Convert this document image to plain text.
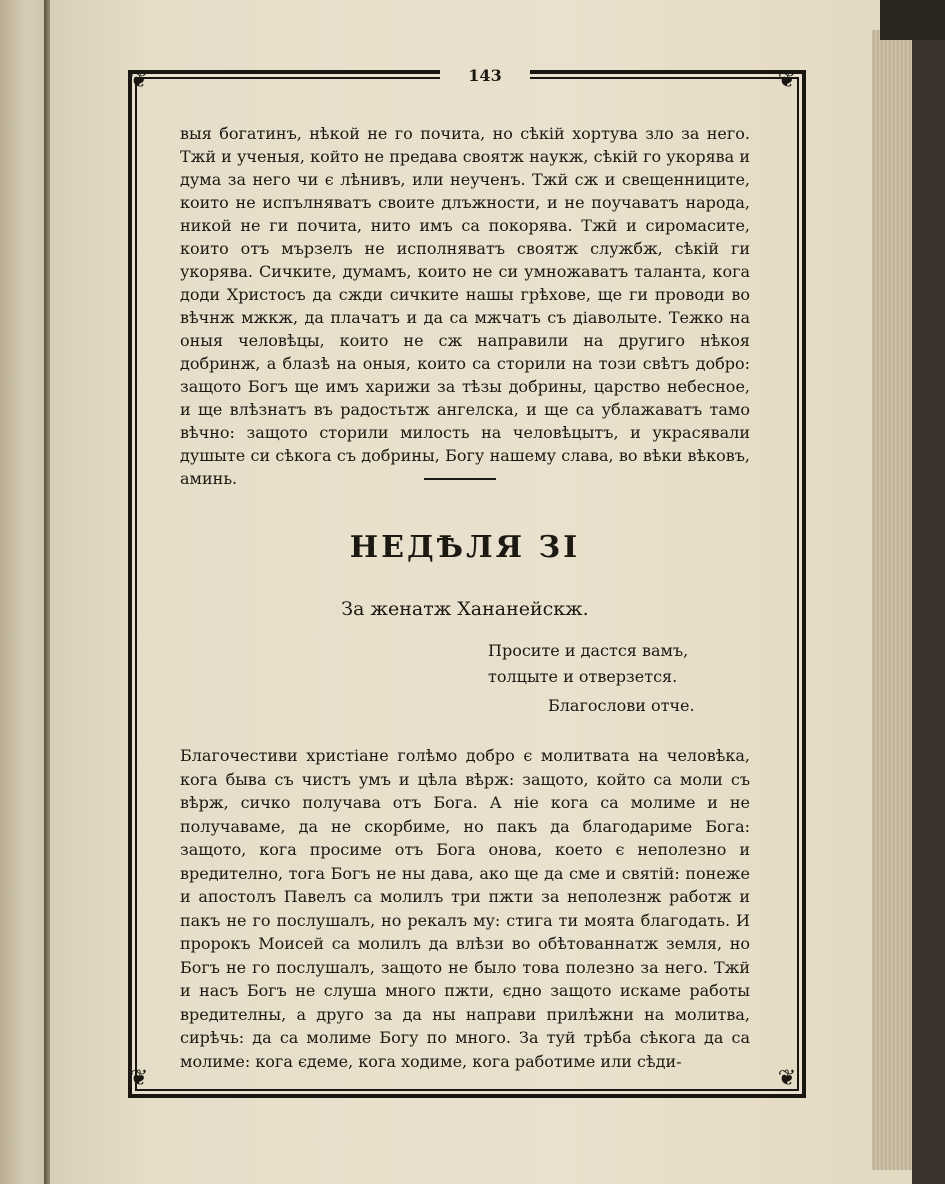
❦	❦
❦	❦
143
выя богатинъ, нѣкой не го почита, но сѣкій хортува зло за него. Тжй и ученыя, който не предава своятж наукж, сѣкій го укорява и дума за него чи є лѣнивъ, или неученъ. Тжй сж и свещенниците, които не испълняватъ своите длъжности, и не поучаватъ народа, никой не ги почита, нито имъ са покорява. Тжй и сиромасите, които отъ мързелъ не исполняватъ своятж службж, сѣкій ги укорява. Сичките, думамъ, които не си умножаватъ таланта, кога доди Христосъ да сжди сичките нашы грѣхове, ще ги проводи во вѣчнж мжкж, да плачатъ и да са мжчатъ съ діаволыте. Тежко на оныя человѣцы, които не сж направили на другиго нѣкоя добринж, а блазѣ на оныя, които са сторили на този свѣтъ добро: защото Богъ ще имъ харижи за тѣзы добрины, царство небесное, и ще влѣзнатъ въ радостьтж ангелска, и ще са ублажаватъ тамо вѣчно: защото сторили милость на человѣцытъ, и украсявали душыте си сѣкога съ добрины, Богу нашему слава, во вѣки вѣковъ, аминь.
НЕДѢЛЯ ЗІ
За женатж Хананейскж.
Просите и дастся вамъ, толцыте и отверзется.
Благослови отче.
Благочестиви христіане голѣмо добро є молитвата на человѣка, кога быва съ чистъ умъ и цѣла вѣрж: защото, който са моли съ вѣрж, сичко получава отъ Бога. А ніе кога са молиме и не получаваме, да не скорбиме, но пакъ да благодариме Бога: защото, кога просиме отъ Бога онова, което є неполезно и вредително, тога Богъ не ны дава, ако ще да сме и святій: понеже и апостолъ Павелъ са молилъ три пжти за неполезнж работж и пакъ не го послушалъ, но рекалъ му: стига ти моята благодать. И пророкъ Моисей са молилъ да влѣзи во обѣтованнатж земля, но Богъ не го послушалъ, защото не было това полезно за него. Тжй и насъ Богъ не слуша много пжти, єдно защото искаме работы вредителны, а друго за да ны направи прилѣжни на молитва, сирѣчь: да са молиме Богу по много. За туй трѣба сѣкога да са молиме: кога єдеме, кога ходиме, кога работиме или сѣди-
